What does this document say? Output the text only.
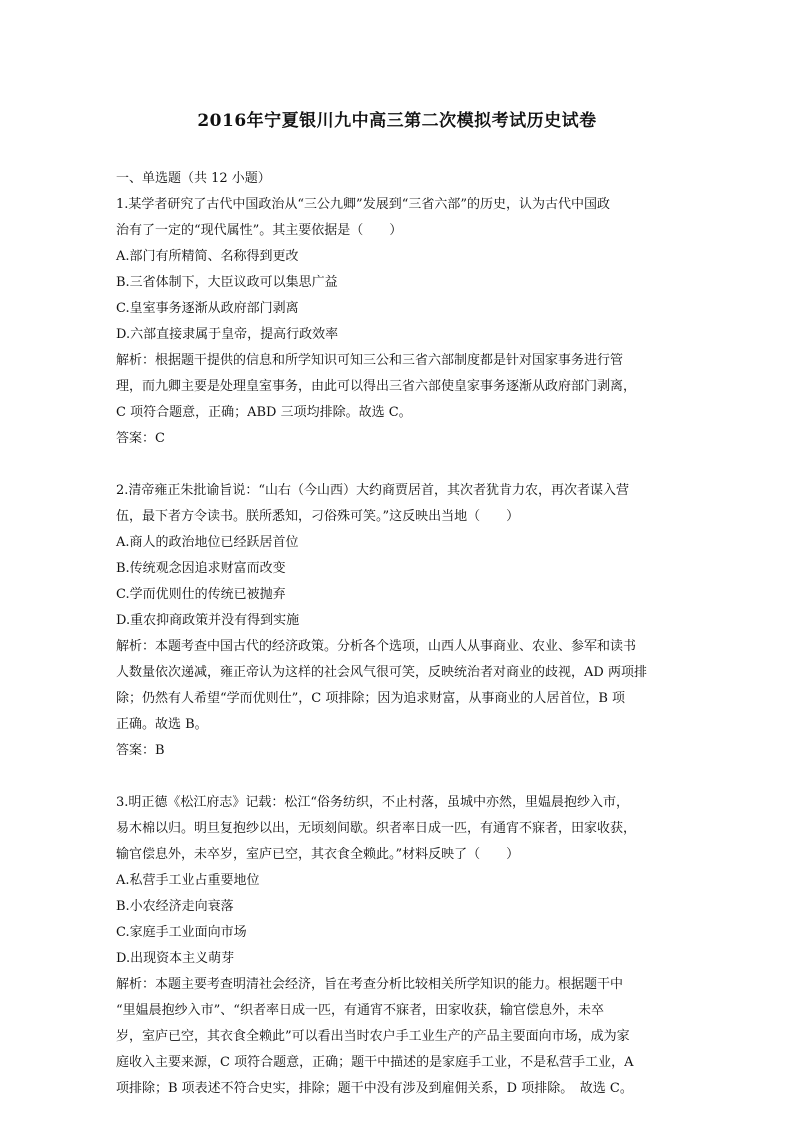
2016年宁夏银川九中高三第二次模拟考试历史试卷
一、单选题（共 12 小题）
1.某学者研究了古代中国政治从“三公九卿”发展到“三省六部”的历史，认为古代中国政
治有了一定的“现代属性”。其主要依据是（　　）
A.部门有所精简、名称得到更改
B.三省体制下，大臣议政可以集思广益
C.皇室事务逐渐从政府部门剥离
D.六部直接隶属于皇帝，提高行政效率
解析：根据题干提供的信息和所学知识可知三公和三省六部制度都是针对国家事务进行管
理，而九卿主要是处理皇室事务，由此可以得出三省六部使皇家事务逐渐从政府部门剥离，
C 项符合题意，正确；ABD 三项均排除。故选 C。
答案：C
2.清帝雍正朱批谕旨说：“山右（今山西）大约商贾居首，其次者犹肯力农，再次者谋入营
伍，最下者方令读书。朕所悉知，刁俗殊可笑。”这反映出当地（　　）
A.商人的政治地位已经跃居首位
B.传统观念因追求财富而改变
C.学而优则仕的传统已被抛弃
D.重农抑商政策并没有得到实施
解析：本题考查中国古代的经济政策。分析各个选项，山西人从事商业、农业、参军和读书
人数量依次递减，雍正帝认为这样的社会风气很可笑，反映统治者对商业的歧视，AD 两项排
除；仍然有人希望“学而优则仕”，C 项排除；因为追求财富，从事商业的人居首位，B 项
正确。故选 B。
答案：B
3.明正德《松江府志》记载：松江“俗务纺织，不止村落，虽城中亦然，里媪晨抱纱入市，
易木棉以归。明旦复抱纱以出，无顷刻间歇。织者率日成一匹，有通宵不寐者，田家收获，
输官偿息外，未卒岁，室庐已空，其衣食全赖此。”材料反映了（　　）
A.私营手工业占重要地位
B.小农经济走向衰落
C.家庭手工业面向市场
D.出现资本主义萌芽
解析：本题主要考查明清社会经济，旨在考查分析比较相关所学知识的能力。根据题干中
“里媪晨抱纱入市”、“织者率日成一匹，有通宵不寐者，田家收获，输官偿息外，未卒
岁，室庐已空，其衣食全赖此”可以看出当时农户手工业生产的产品主要面向市场，成为家
庭收入主要来源，C 项符合题意，正确；题干中描述的是家庭手工业，不是私营手工业，A
项排除；B 项表述不符合史实，排除；题干中没有涉及到雇佣关系，D 项排除。　故选 C。
